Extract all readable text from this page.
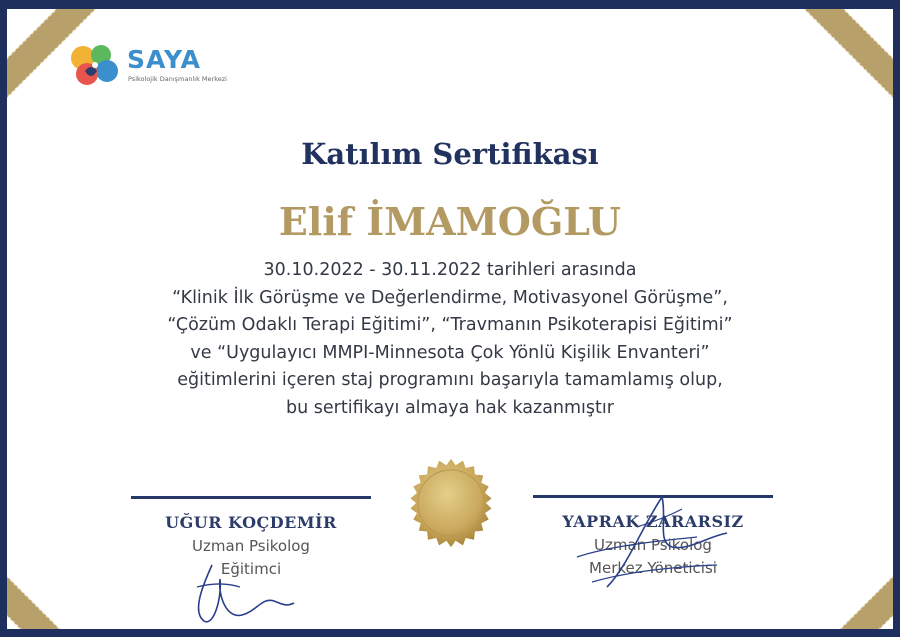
SAYA
Psikolojik Danışmanlık Merkezi
Katılım Sertifikası
Elif İMAMOĞLU
30.10.2022 - 30.11.2022 tarihleri arasında
“Klinik İlk Görüşme ve Değerlendirme, Motivasyonel Görüşme”,
“Çözüm Odaklı Terapi Eğitimi”, “Travmanın Psikoterapisi Eğitimi”
ve “Uygulayıcı MMPI-Minnesota Çok Yönlü Kişilik Envanteri”
eğitimlerini içeren staj programını başarıyla tamamlamış olup,
bu sertifikayı almaya hak kazanmıştır
UĞUR KOÇDEMİR
Uzman Psikolog
Eğitimci
YAPRAK ZARARSIZ
Uzman Psikolog
Merkez Yöneticisi
